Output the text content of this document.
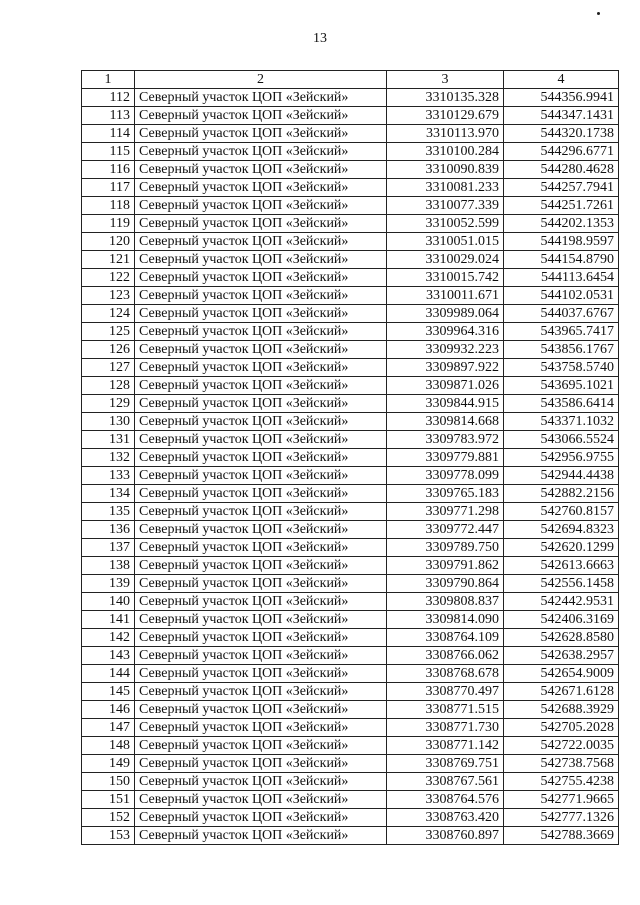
13
1	2	3	4
112	Северный участок ЦОП «Зейский»	3310135.328	544356.9941
113	Северный участок ЦОП «Зейский»	3310129.679	544347.1431
114	Северный участок ЦОП «Зейский»	3310113.970	544320.1738
115	Северный участок ЦОП «Зейский»	3310100.284	544296.6771
116	Северный участок ЦОП «Зейский»	3310090.839	544280.4628
117	Северный участок ЦОП «Зейский»	3310081.233	544257.7941
118	Северный участок ЦОП «Зейский»	3310077.339	544251.7261
119	Северный участок ЦОП «Зейский»	3310052.599	544202.1353
120	Северный участок ЦОП «Зейский»	3310051.015	544198.9597
121	Северный участок ЦОП «Зейский»	3310029.024	544154.8790
122	Северный участок ЦОП «Зейский»	3310015.742	544113.6454
123	Северный участок ЦОП «Зейский»	3310011.671	544102.0531
124	Северный участок ЦОП «Зейский»	3309989.064	544037.6767
125	Северный участок ЦОП «Зейский»	3309964.316	543965.7417
126	Северный участок ЦОП «Зейский»	3309932.223	543856.1767
127	Северный участок ЦОП «Зейский»	3309897.922	543758.5740
128	Северный участок ЦОП «Зейский»	3309871.026	543695.1021
129	Северный участок ЦОП «Зейский»	3309844.915	543586.6414
130	Северный участок ЦОП «Зейский»	3309814.668	543371.1032
131	Северный участок ЦОП «Зейский»	3309783.972	543066.5524
132	Северный участок ЦОП «Зейский»	3309779.881	542956.9755
133	Северный участок ЦОП «Зейский»	3309778.099	542944.4438
134	Северный участок ЦОП «Зейский»	3309765.183	542882.2156
135	Северный участок ЦОП «Зейский»	3309771.298	542760.8157
136	Северный участок ЦОП «Зейский»	3309772.447	542694.8323
137	Северный участок ЦОП «Зейский»	3309789.750	542620.1299
138	Северный участок ЦОП «Зейский»	3309791.862	542613.6663
139	Северный участок ЦОП «Зейский»	3309790.864	542556.1458
140	Северный участок ЦОП «Зейский»	3309808.837	542442.9531
141	Северный участок ЦОП «Зейский»	3309814.090	542406.3169
142	Северный участок ЦОП «Зейский»	3308764.109	542628.8580
143	Северный участок ЦОП «Зейский»	3308766.062	542638.2957
144	Северный участок ЦОП «Зейский»	3308768.678	542654.9009
145	Северный участок ЦОП «Зейский»	3308770.497	542671.6128
146	Северный участок ЦОП «Зейский»	3308771.515	542688.3929
147	Северный участок ЦОП «Зейский»	3308771.730	542705.2028
148	Северный участок ЦОП «Зейский»	3308771.142	542722.0035
149	Северный участок ЦОП «Зейский»	3308769.751	542738.7568
150	Северный участок ЦОП «Зейский»	3308767.561	542755.4238
151	Северный участок ЦОП «Зейский»	3308764.576	542771.9665
152	Северный участок ЦОП «Зейский»	3308763.420	542777.1326
153	Северный участок ЦОП «Зейский»	3308760.897	542788.3669
